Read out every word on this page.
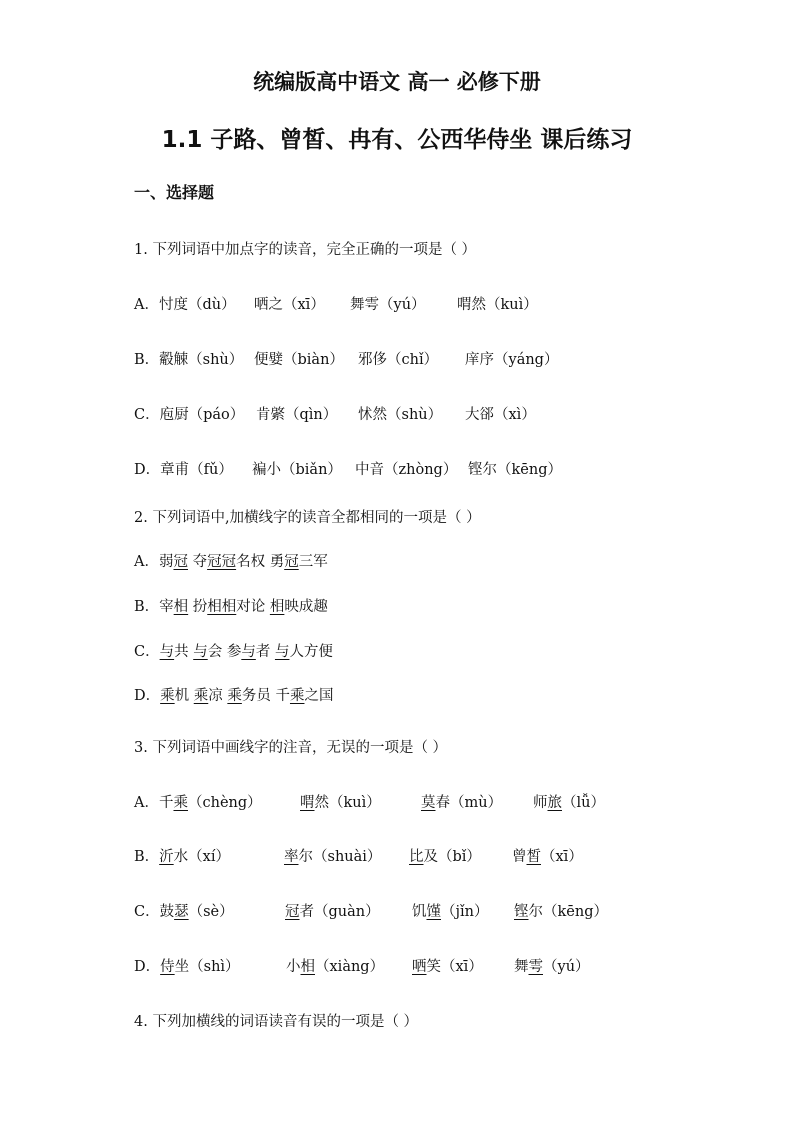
统编版高中语文 高一 必修下册
1.1 子路、曾皙、冉有、公西华侍坐 课后练习
一、选择题
1. 下列词语中加点字的读音，完全正确的一项是（ ）
A．忖度（dù） 哂之（xī） 舞雩（yú） 喟然（kuì）
B．觳觫（shù） 便嬖（biàn） 邪侈（chǐ） 庠序（yáng）
C．庖厨（páo） 肯綮（qìn） 怵然（shù） 大郤（xì）
D．章甫（fǔ） 褊小（biǎn） 中音（zhòng） 铿尔（kēng）
2. 下列词语中,加横线字的读音全都相同的一项是（ ）
A．弱冠 夺冠冠名权 勇冠三军
B．宰相 扮相相对论 相映成趣
C．与共 与会 参与者 与人方便
D．乘机 乘凉 乘务员 千乘之国
3. 下列词语中画线字的注音，无误的一项是（ ）
A．千乘（chèng）	喟然（kuì）	莫春（mù） 师旅（lǚ）
B．沂水（xí）	率尔（shuài） 比及（bǐ） 曾皙（xī）
C．鼓瑟（sè）	冠者（guàn） 饥馑（jǐn） 铿尔（kēng）
D．侍坐（shì）	小相（xiàng） 哂笑（xī） 舞雩（yú）
4. 下列加横线的词语读音有误的一项是（ ）
